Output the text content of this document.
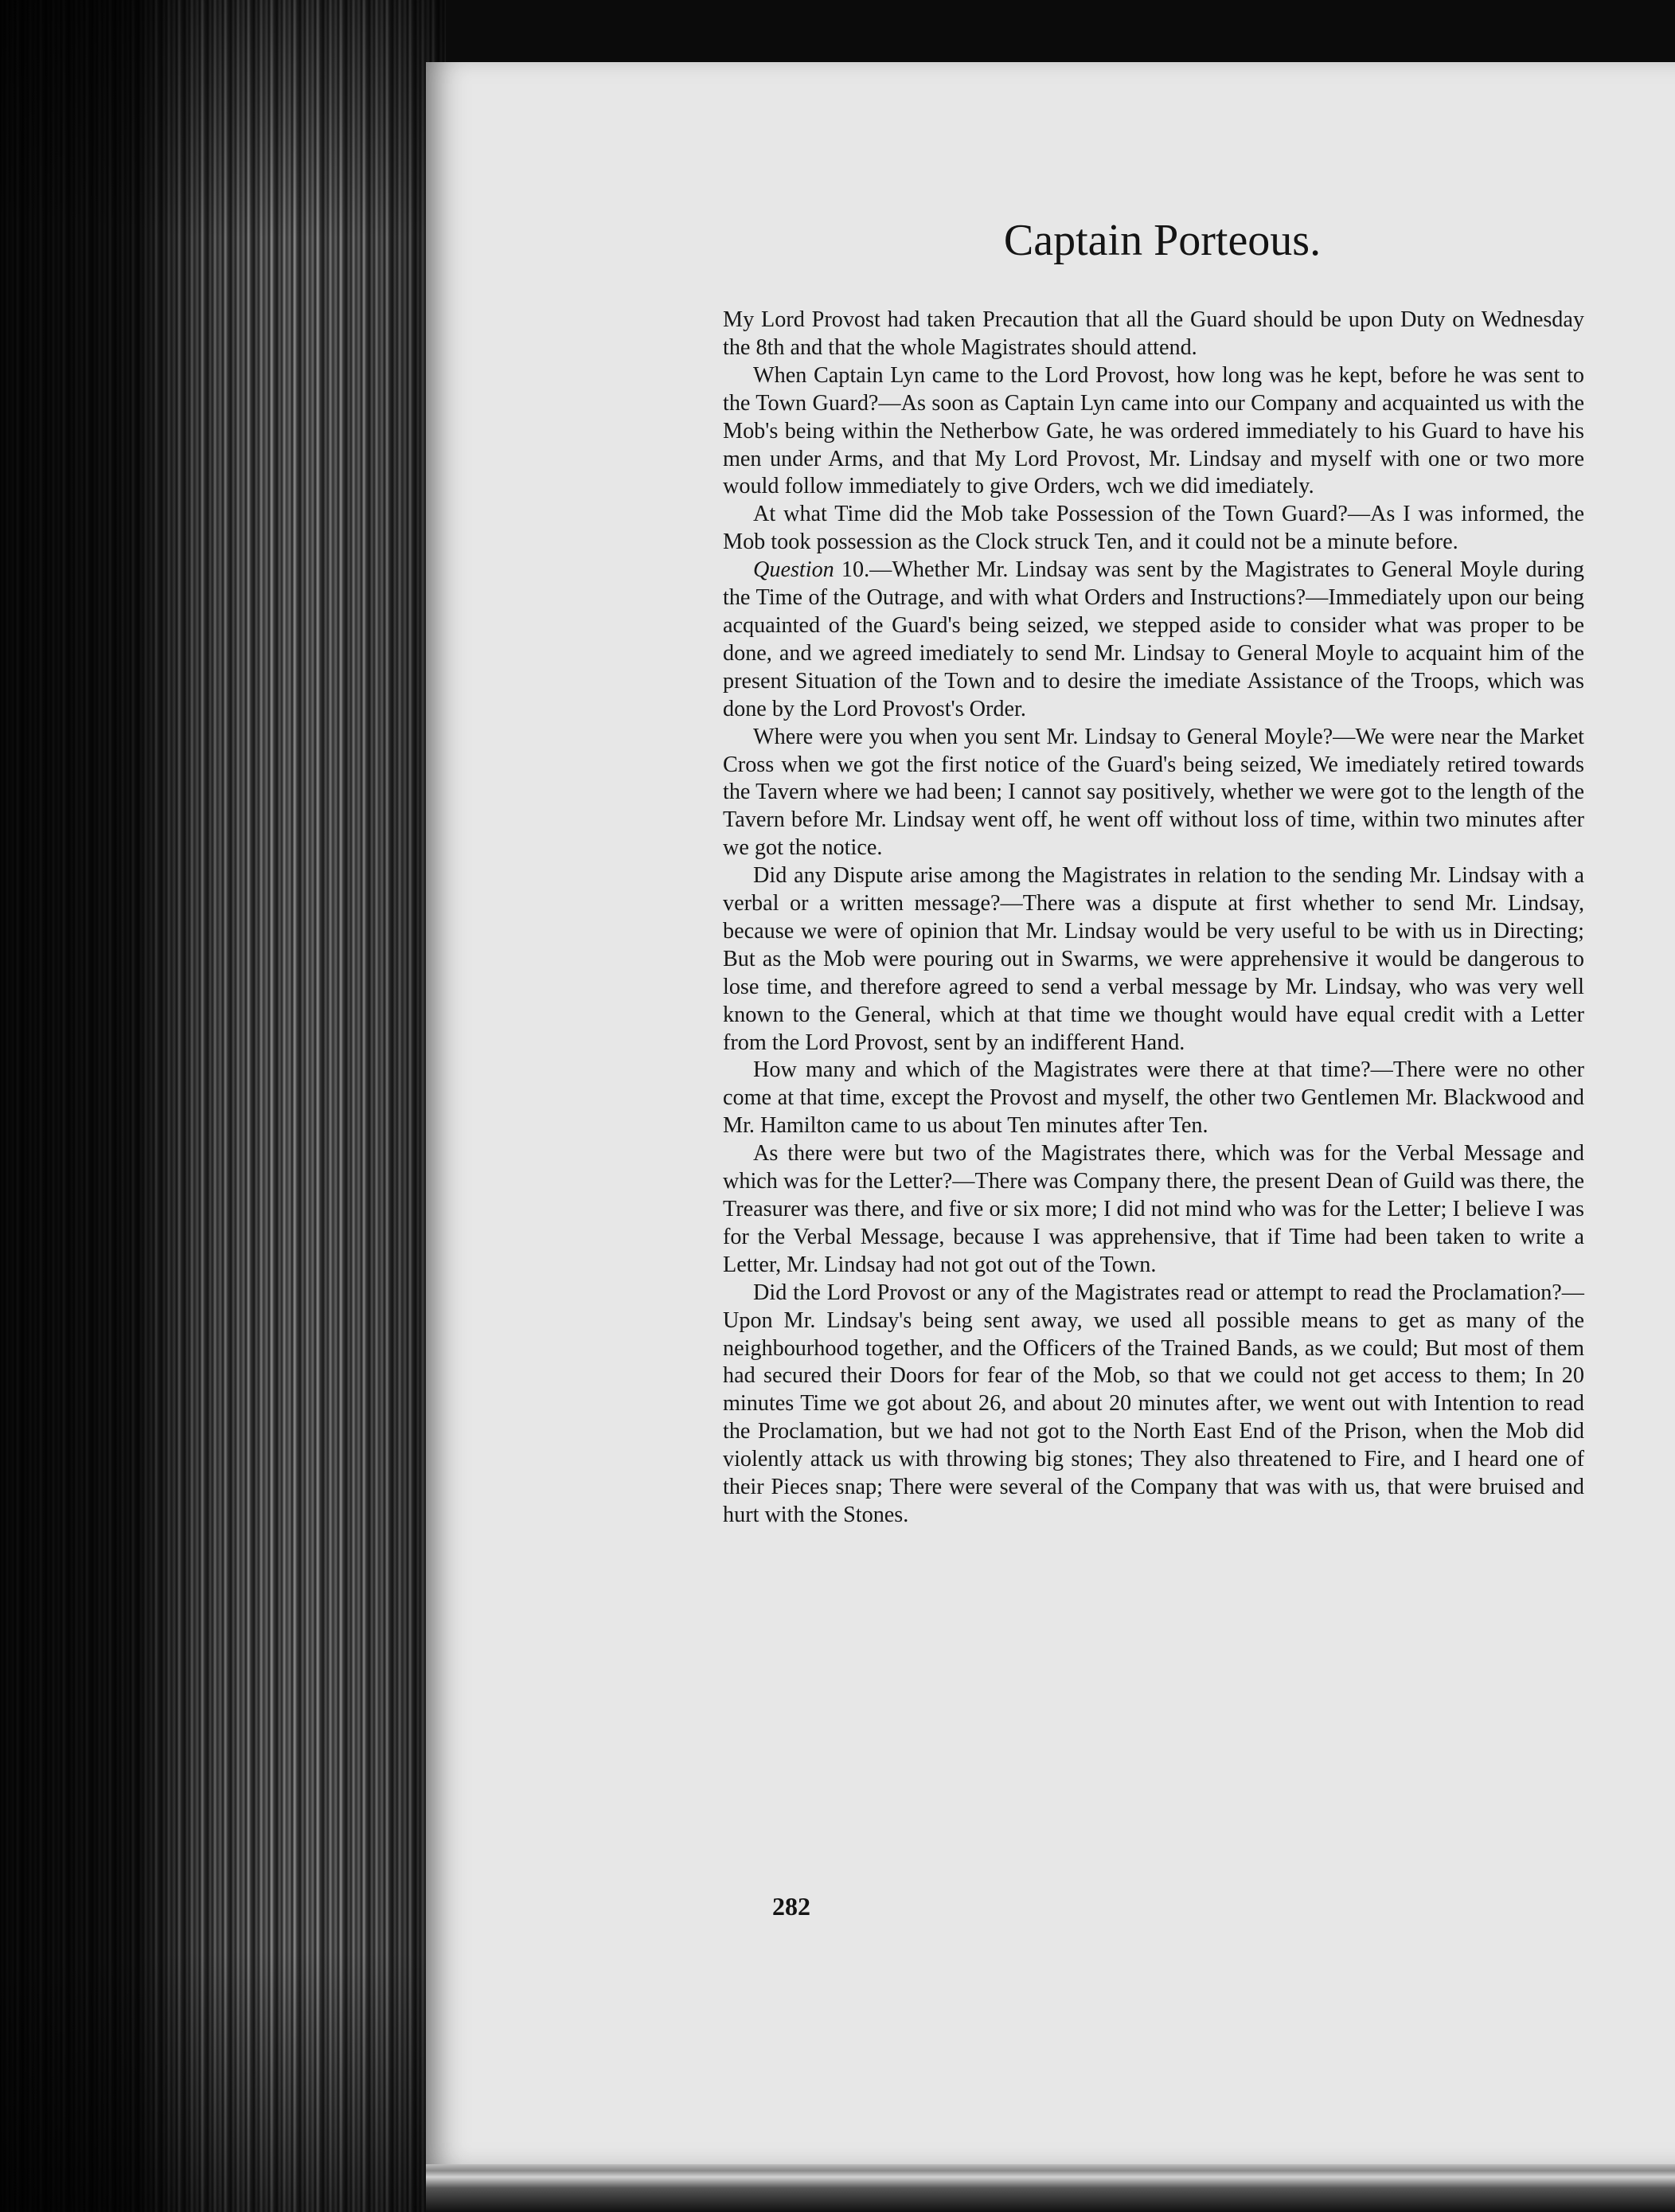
Captain Porteous.

My Lord Provost had taken Precaution that all the Guard should be upon Duty on Wednesday the 8th and that the whole Magistrates should attend.

When Captain Lyn came to the Lord Provost, how long was he kept, before he was sent to the Town Guard?—As soon as Captain Lyn came into our Company and acquainted us with the Mob's being within the Netherbow Gate, he was ordered immediately to his Guard to have his men under Arms, and that My Lord Provost, Mr. Lindsay and myself with one or two more would follow immediately to give Orders, wch we did imediately.

At what Time did the Mob take Possession of the Town Guard?—As I was informed, the Mob took possession as the Clock struck Ten, and it could not be a minute before.

Question 10.—Whether Mr. Lindsay was sent by the Magistrates to General Moyle during the Time of the Outrage, and with what Orders and Instructions?—Immediately upon our being acquainted of the Guard's being seized, we stepped aside to consider what was proper to be done, and we agreed imediately to send Mr. Lindsay to General Moyle to acquaint him of the present Situation of the Town and to desire the imediate Assistance of the Troops, which was done by the Lord Provost's Order.

Where were you when you sent Mr. Lindsay to General Moyle?—We were near the Market Cross when we got the first notice of the Guard's being seized, We imediately retired towards the Tavern where we had been; I cannot say positively, whether we were got to the length of the Tavern before Mr. Lindsay went off, he went off without loss of time, within two minutes after we got the notice.

Did any Dispute arise among the Magistrates in relation to the sending Mr. Lindsay with a verbal or a written message?—There was a dispute at first whether to send Mr. Lindsay, because we were of opinion that Mr. Lindsay would be very useful to be with us in Directing; But as the Mob were pouring out in Swarms, we were apprehensive it would be dangerous to lose time, and therefore agreed to send a verbal message by Mr. Lindsay, who was very well known to the General, which at that time we thought would have equal credit with a Letter from the Lord Provost, sent by an indifferent Hand.

How many and which of the Magistrates were there at that time?—There were no other come at that time, except the Provost and myself, the other two Gentlemen Mr. Blackwood and Mr. Hamilton came to us about Ten minutes after Ten.

As there were but two of the Magistrates there, which was for the Verbal Message and which was for the Letter?—There was Company there, the present Dean of Guild was there, the Treasurer was there, and five or six more; I did not mind who was for the Letter; I believe I was for the Verbal Message, because I was apprehensive, that if Time had been taken to write a Letter, Mr. Lindsay had not got out of the Town.

Did the Lord Provost or any of the Magistrates read or attempt to read the Proclamation?—Upon Mr. Lindsay's being sent away, we used all possible means to get as many of the neighbourhood together, and the Officers of the Trained Bands, as we could; But most of them had secured their Doors for fear of the Mob, so that we could not get access to them; In 20 minutes Time we got about 26, and about 20 minutes after, we went out with Intention to read the Proclamation, but we had not got to the North East End of the Prison, when the Mob did violently attack us with throwing big stones; They also threatened to Fire, and I heard one of their Pieces snap; There were several of the Company that was with us, that were bruised and hurt with the Stones.

282
